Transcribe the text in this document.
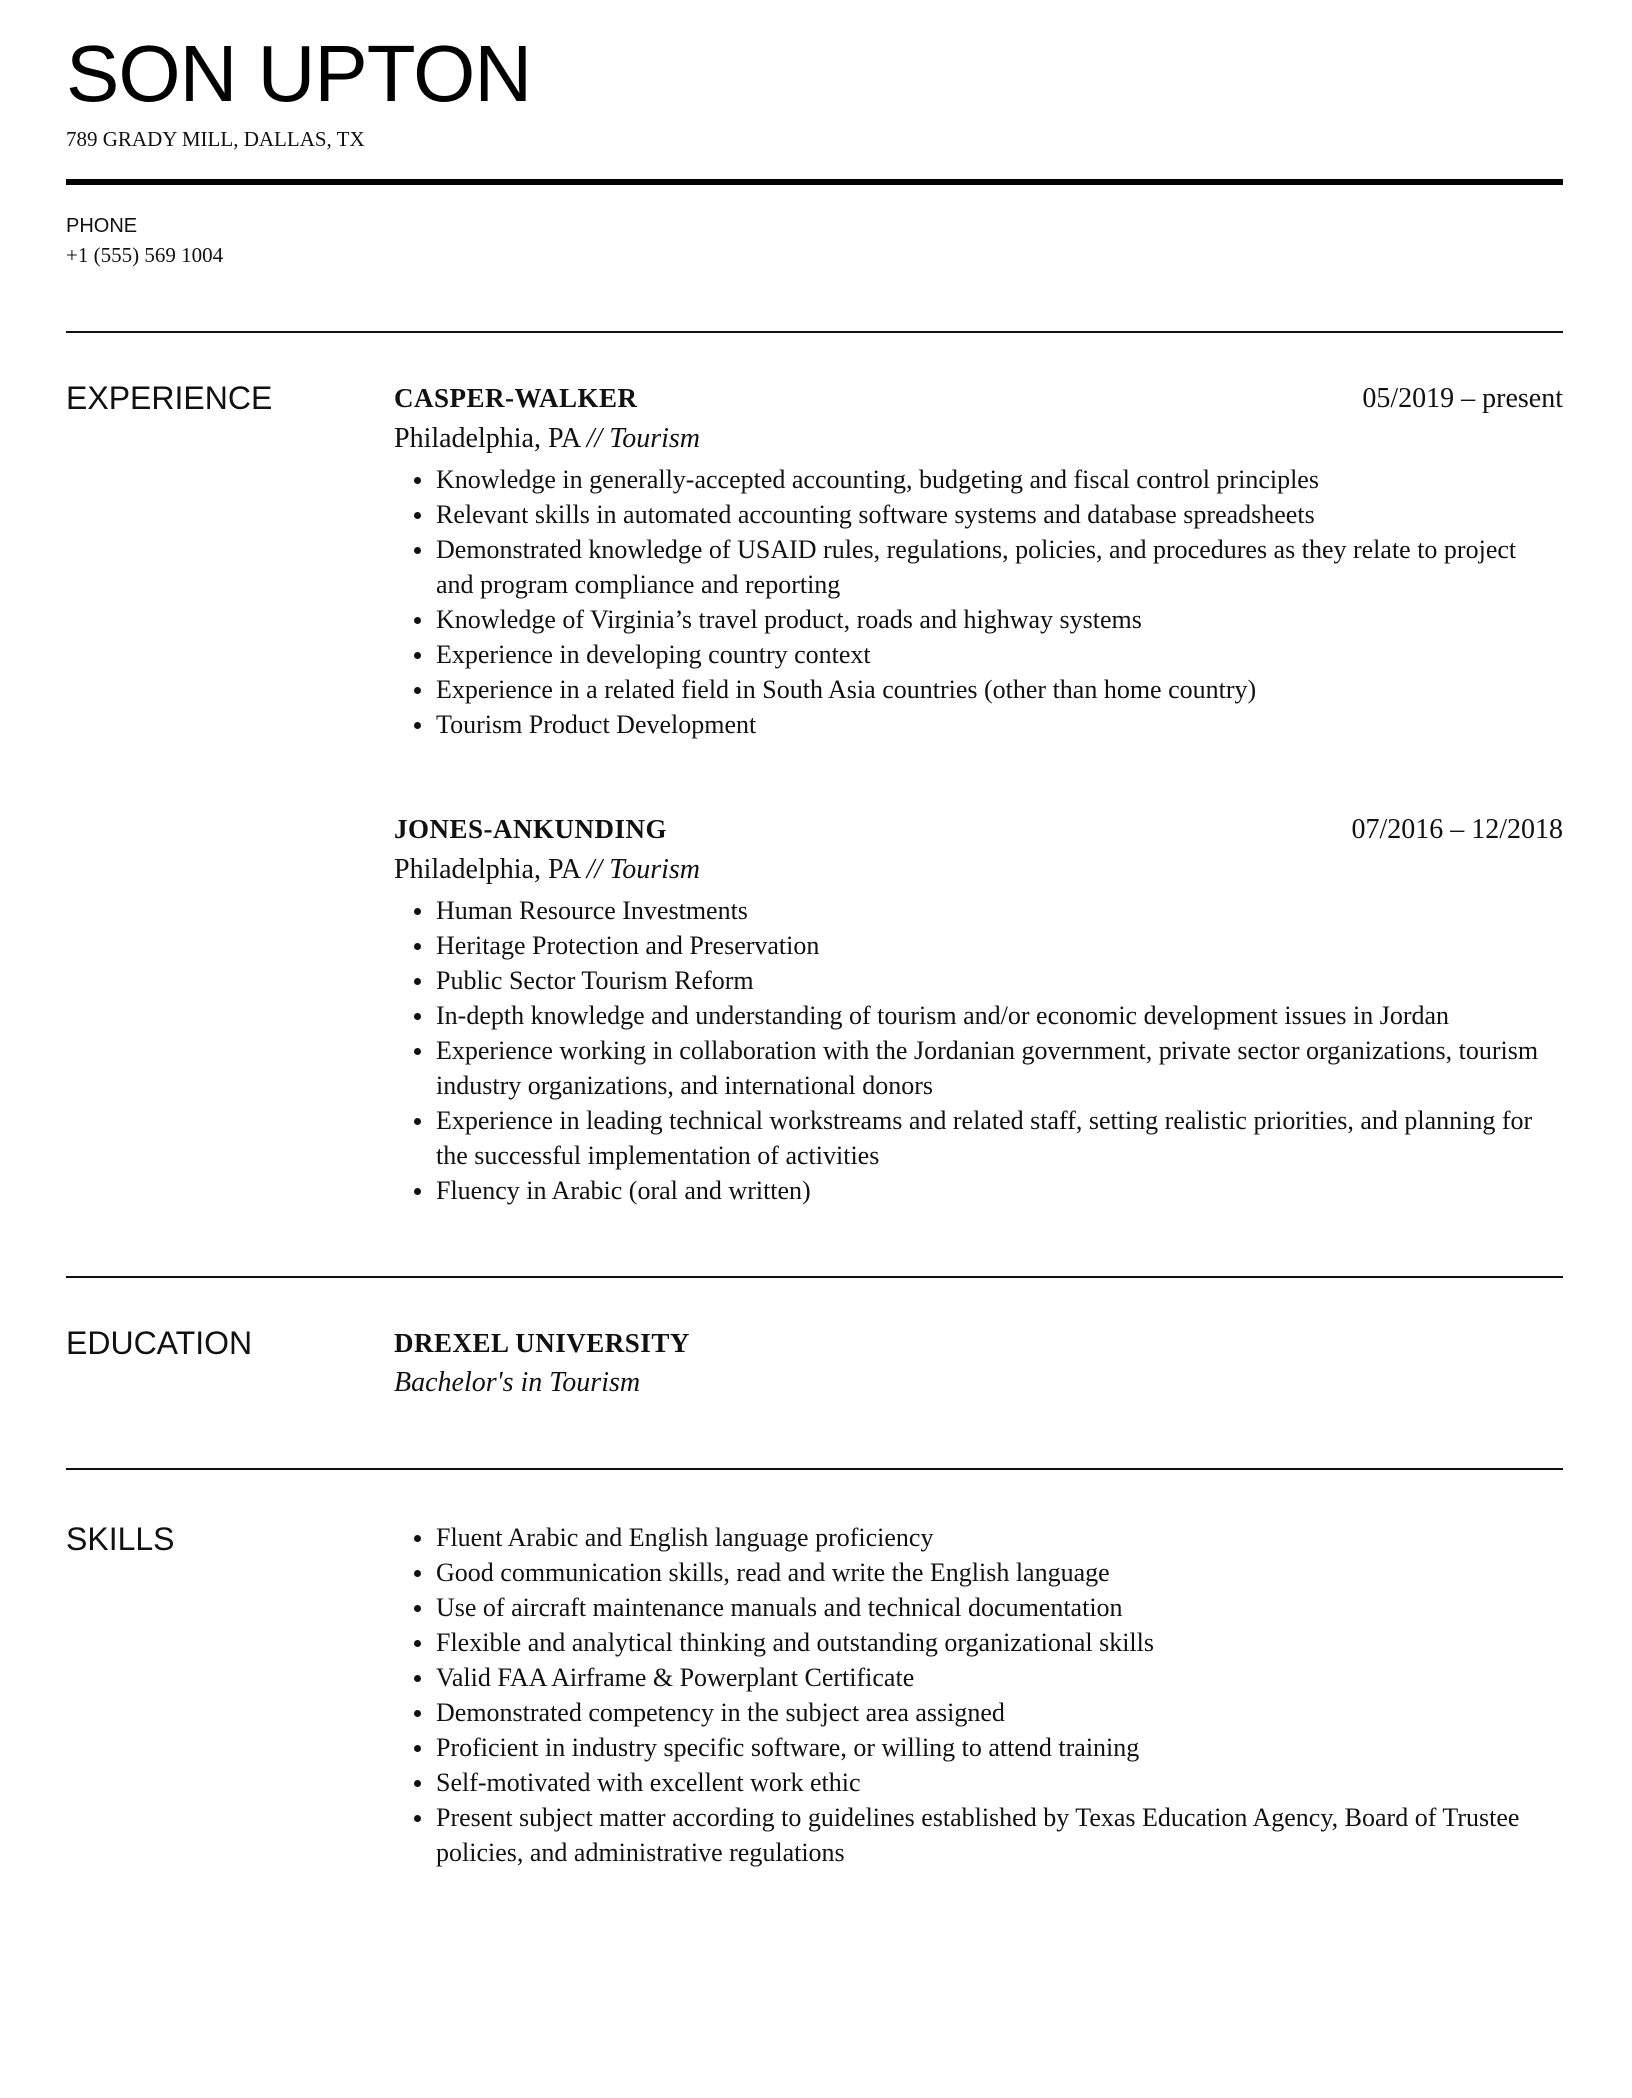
SON UPTON
789 GRADY MILL, DALLAS, TX
PHONE
+1 (555) 569 1004
EXPERIENCE	CASPER-WALKER	05/2019 – present
Philadelphia, PA // Tourism
Knowledge in generally-accepted accounting, budgeting and fiscal control principles
Relevant skills in automated accounting software systems and database spreadsheets
Demonstrated knowledge of USAID rules, regulations, policies, and procedures as they relate to project and program compliance and reporting
Knowledge of Virginia’s travel product, roads and highway systems
Experience in developing country context
Experience in a related field in South Asia countries (other than home country)
Tourism Product Development
JONES-ANKUNDING	07/2016 – 12/2018
Philadelphia, PA // Tourism
Human Resource Investments
Heritage Protection and Preservation
Public Sector Tourism Reform
In-depth knowledge and understanding of tourism and/or economic development issues in Jordan
Experience working in collaboration with the Jordanian government, private sector organizations, tourism industry organizations, and international donors
Experience in leading technical workstreams and related staff, setting realistic priorities, and planning for the successful implementation of activities
Fluency in Arabic (oral and written)
EDUCATION	DREXEL UNIVERSITY
Bachelor's in Tourism
SKILLS	Fluent Arabic and English language proficiency
Good communication skills, read and write the English language
Use of aircraft maintenance manuals and technical documentation
Flexible and analytical thinking and outstanding organizational skills
Valid FAA Airframe & Powerplant Certificate
Demonstrated competency in the subject area assigned
Proficient in industry specific software, or willing to attend training
Self-motivated with excellent work ethic
Present subject matter according to guidelines established by Texas Education Agency, Board of Trustee policies, and administrative regulations
